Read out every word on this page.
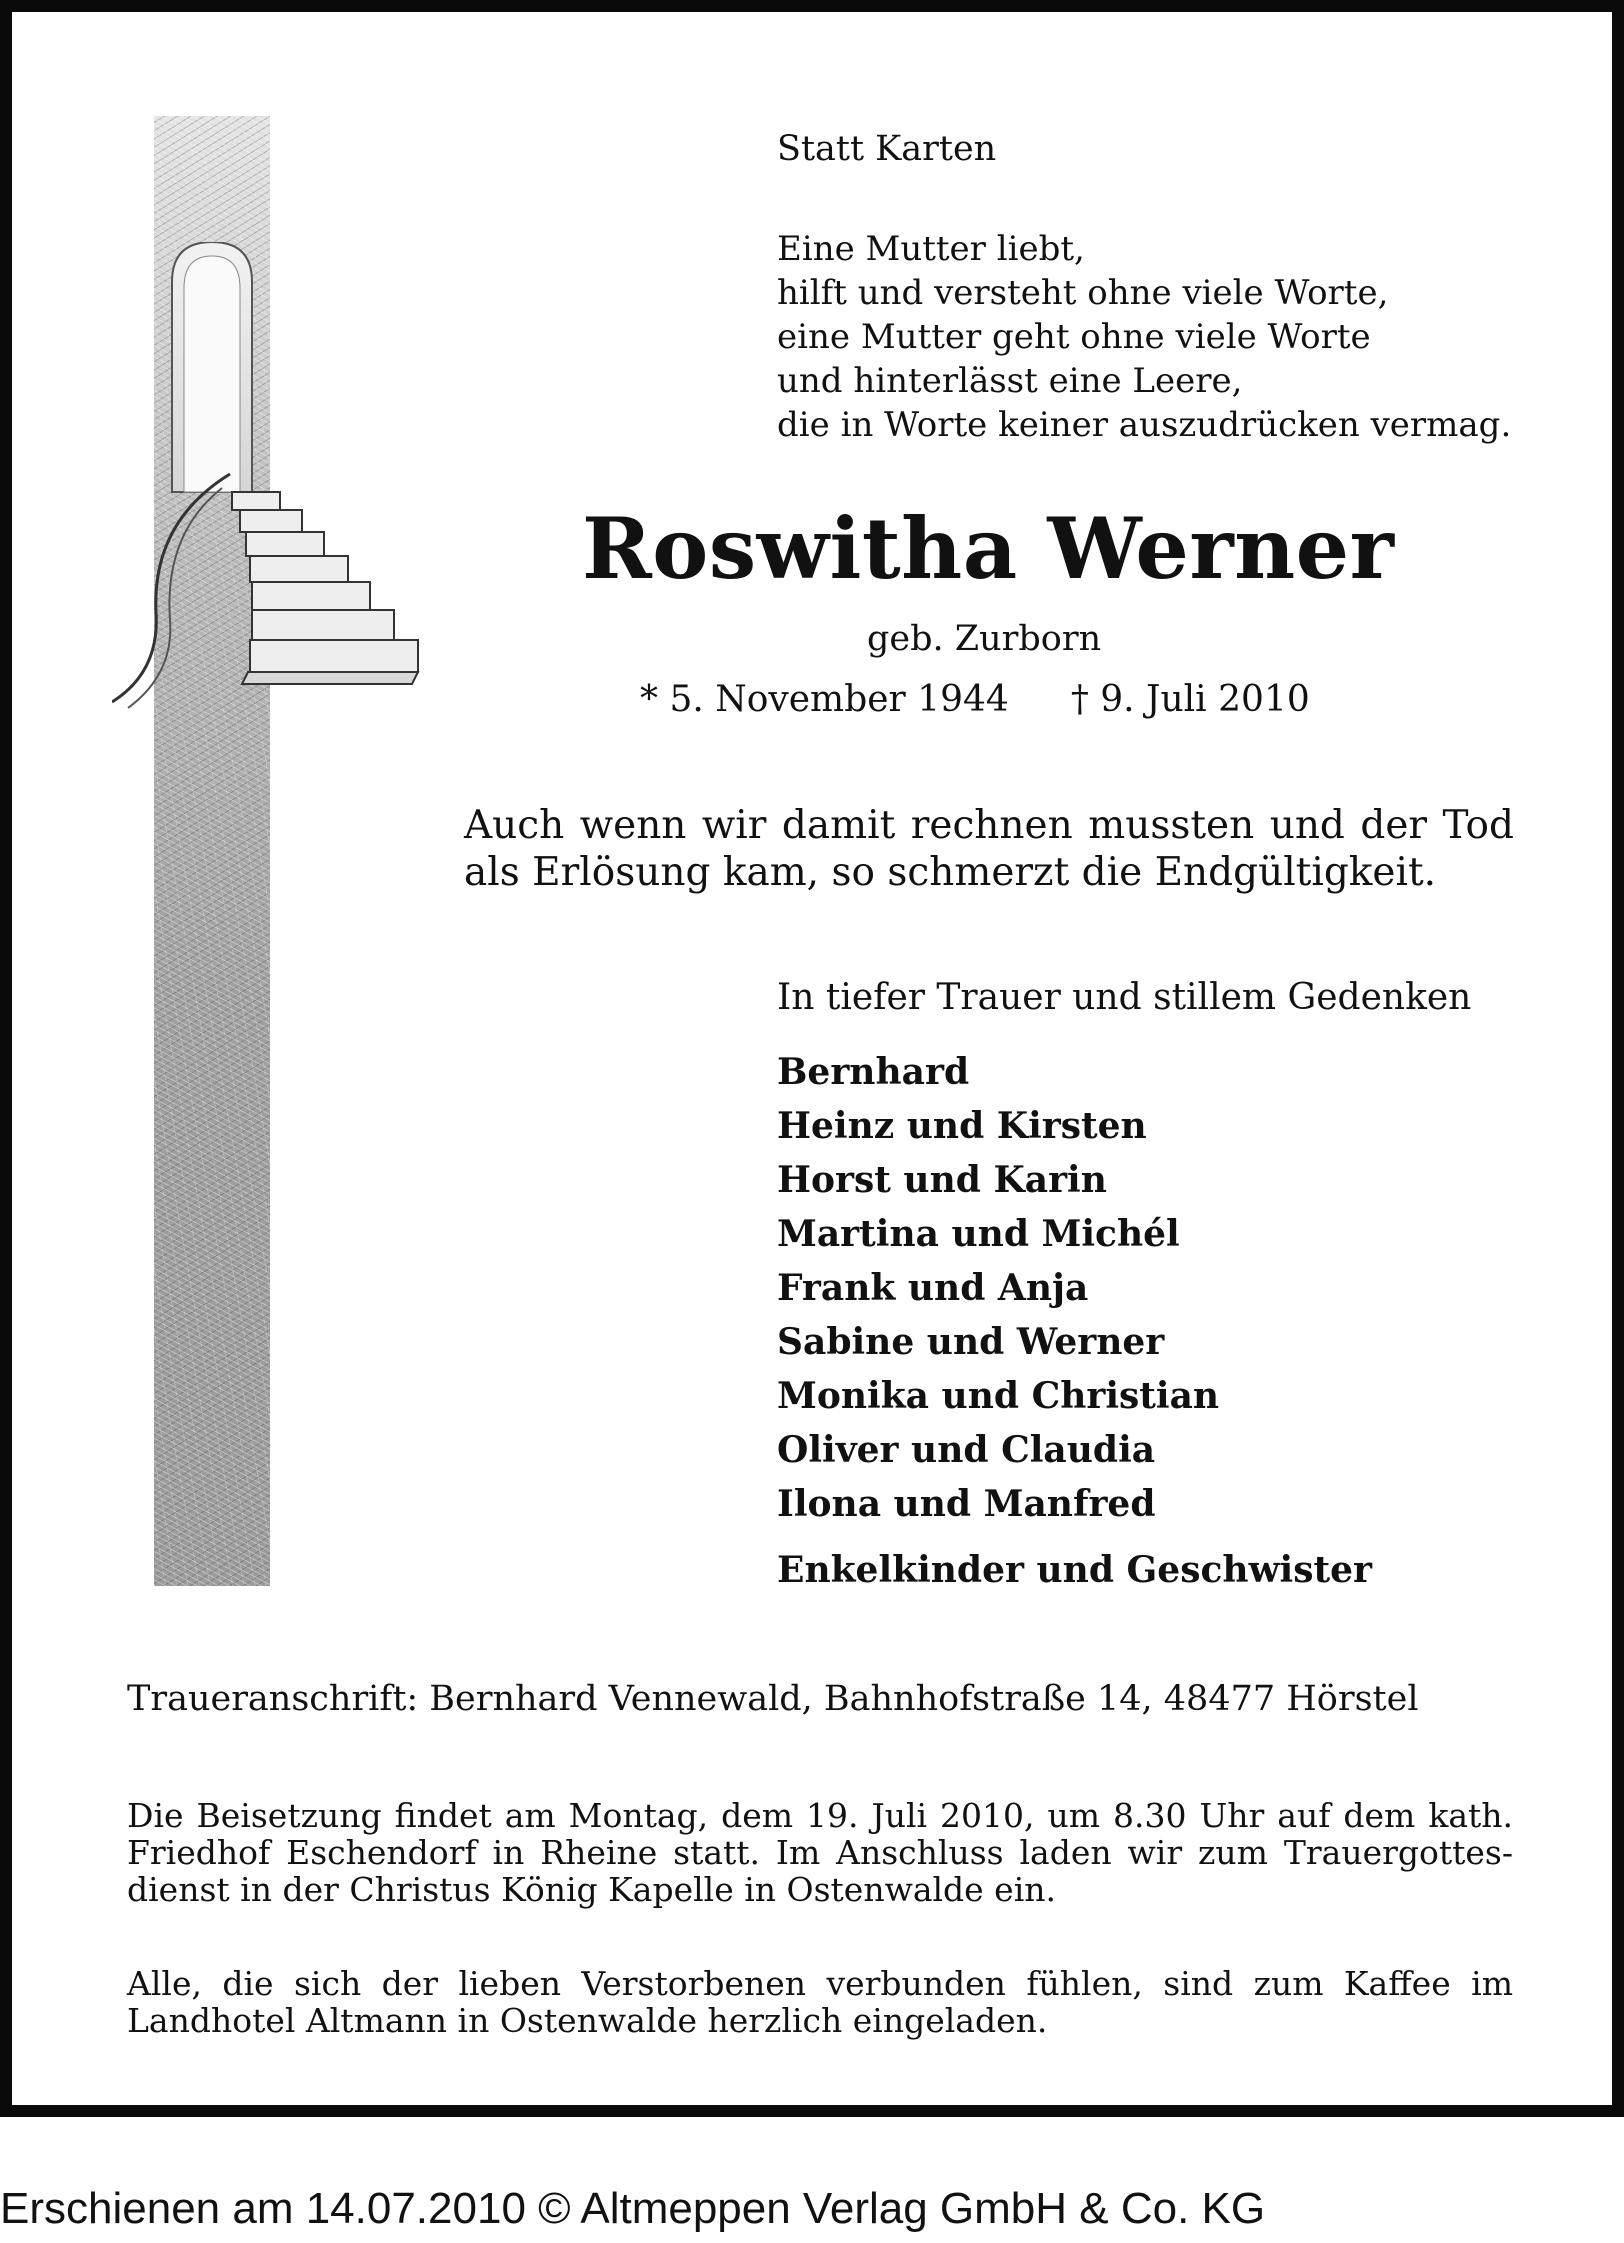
Statt Karten
Eine Mutter liebt,
hilft und versteht ohne viele Worte,
eine Mutter geht ohne viele Worte
und hinterlässt eine Leere,
die in Worte keiner auszudrücken vermag.
Roswitha Werner
geb. Zurborn
* 5. November 1944 † 9. Juli 2010

Auch wenn wir damit rechnen mussten und der Tod als Erlösung kam, so schmerzt die Endgültigkeit.

In tiefer Trauer und stillem Gedenken
Bernhard
Heinz und Kirsten
Horst und Karin
Martina und Michél
Frank und Anja
Sabine und Werner
Monika und Christian
Oliver und Claudia
Ilona und Manfred
Enkelkinder und Geschwister
Traueranschrift: Bernhard Vennewald, Bahnhofstraße 14, 48477 Hörstel

Die Beisetzung findet am Montag, dem 19. Juli 2010, um 8.30 Uhr auf dem kath. Friedhof Eschendorf in Rheine statt. Im Anschluss laden wir zum Trauergottes-dienst in der Christus König Kapelle in Ostenwalde ein.

Alle, die sich der lieben Verstorbenen verbunden fühlen, sind zum Kaffee im Landhotel Altmann in Ostenwalde herzlich eingeladen.

Erschienen am 14.07.2010 © Altmeppen Verlag GmbH & Co. KG
